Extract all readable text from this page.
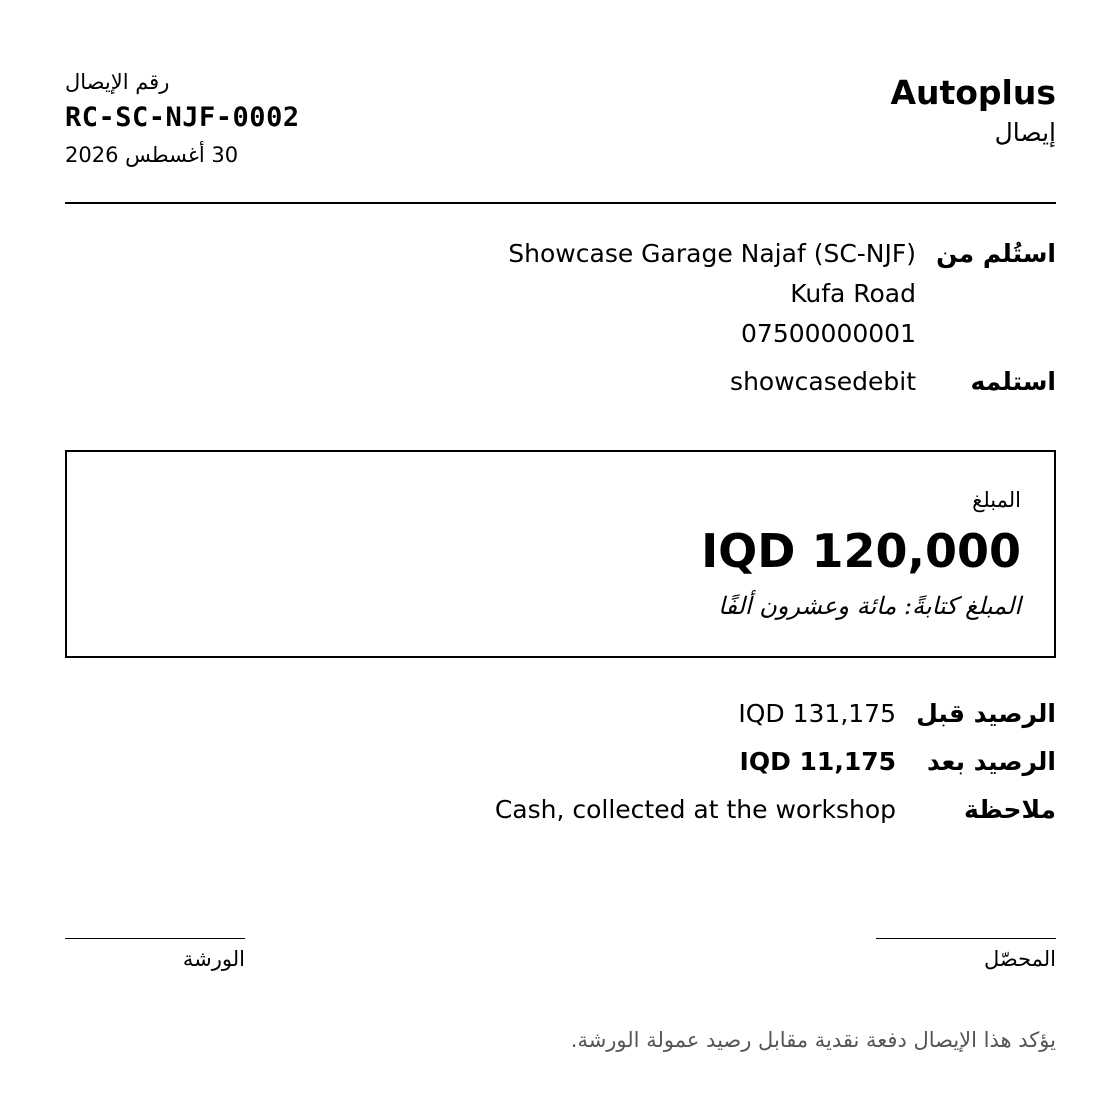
Autoplus
إيصال
رقم الإيصال
RC-SC-NJF-0002
30 أغسطس 2026
استُلم من
Showcase Garage Najaf (SC-NJF)
Kufa Road
07500000001
استلمه
showcasedebit
المبلغ
IQD 120,000
المبلغ كتابةً: مائة وعشرون ألفًا
الرصيد قبل
IQD 131,175
الرصيد بعد
IQD 11,175
ملاحظة
Cash, collected at the workshop
المحصّل
الورشة
يؤكد هذا الإيصال دفعة نقدية مقابل رصيد عمولة الورشة.
